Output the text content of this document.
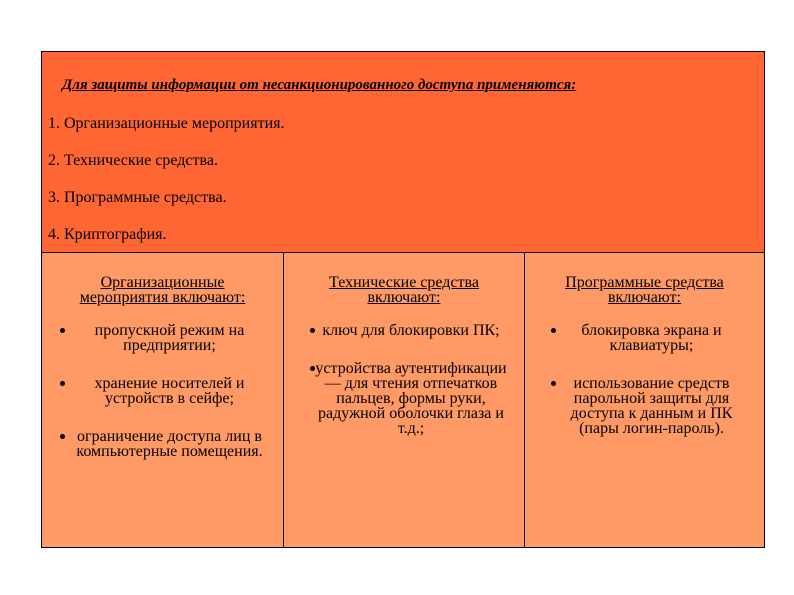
Для защиты информации от несанкционированного доступа применяются:
1. Организационные мероприятия.
2. Технические средства.
3. Программные средства.
4. Криптография.
Организационные мероприятия включают:
пропускной режим на предприятии;
хранение носителей и устройств в сейфе;
ограничение доступа лиц в компьютерные помещения.
Технические средства включают:
ключ для блокировки ПК;
устройства аутентификации — для чтения отпечатков пальцев, формы руки, радужной оболочки глаза и т.д.;
Программные средства включают:
блокировка экрана и клавиатуры;
использование средств парольной защиты для доступа к данным и ПК (пары логин-пароль).
